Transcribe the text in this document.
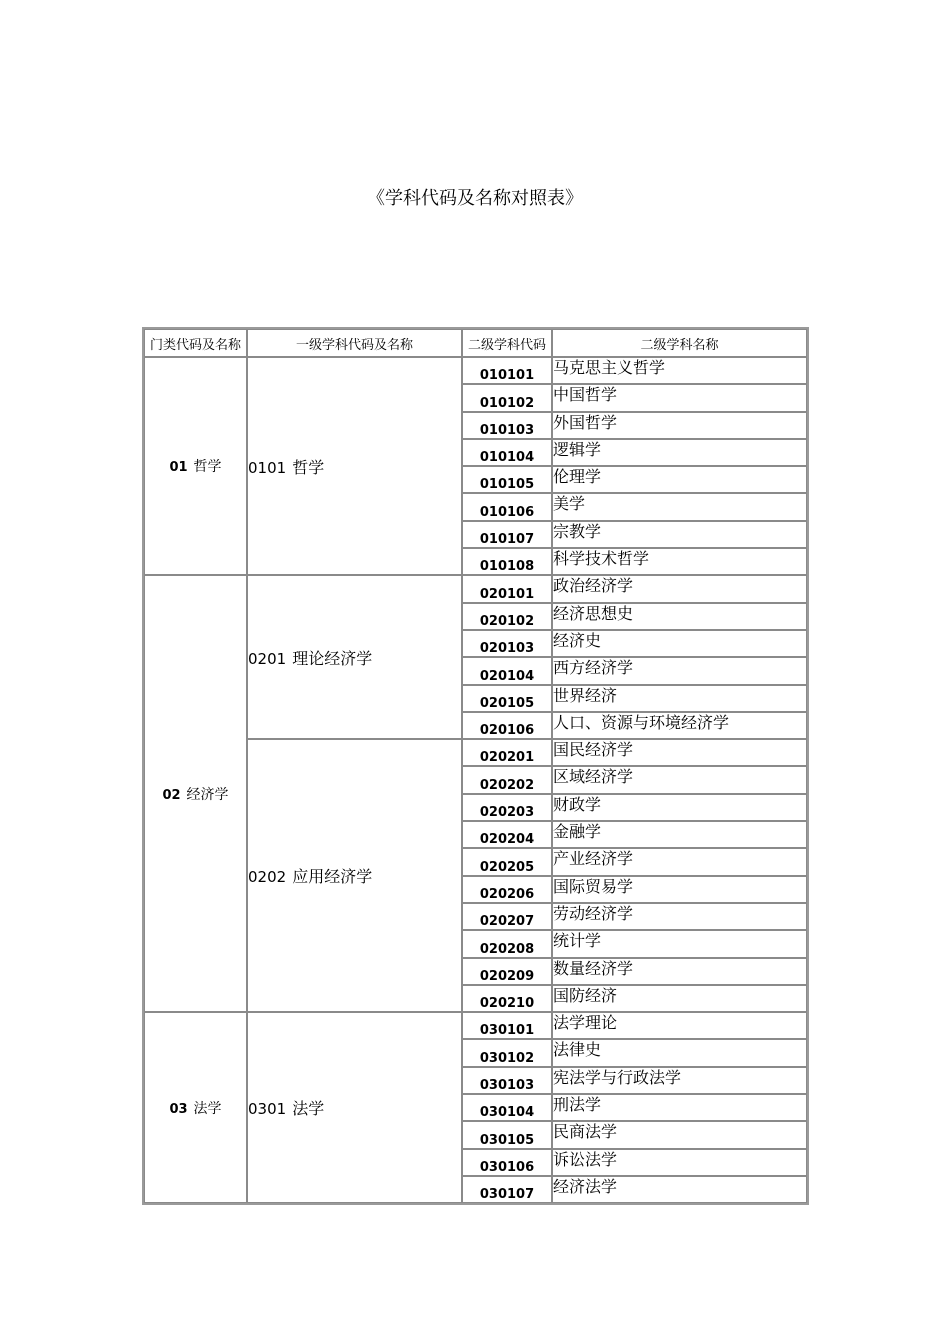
《学科代码及名称对照表》
门类代码及名称	一级学科代码及名称	二级学科代码	二级学科名称
01 哲学	0101 哲学	010101	马克思主义哲学
		010102	中国哲学
		010103	外国哲学
		010104	逻辑学
		010105	伦理学
		010106	美学
		010107	宗教学
		010108	科学技术哲学
02 经济学	0201 理论经济学	020101	政治经济学
		020102	经济思想史
		020103	经济史
		020104	西方经济学
		020105	世界经济
		020106	人口、资源与环境经济学
	0202 应用经济学	020201	国民经济学
		020202	区域经济学
		020203	财政学
		020204	金融学
		020205	产业经济学
		020206	国际贸易学
		020207	劳动经济学
		020208	统计学
		020209	数量经济学
		020210	国防经济
03 法学	0301 法学	030101	法学理论
		030102	法律史
		030103	宪法学与行政法学
		030104	刑法学
		030105	民商法学
		030106	诉讼法学
		030107	经济法学
